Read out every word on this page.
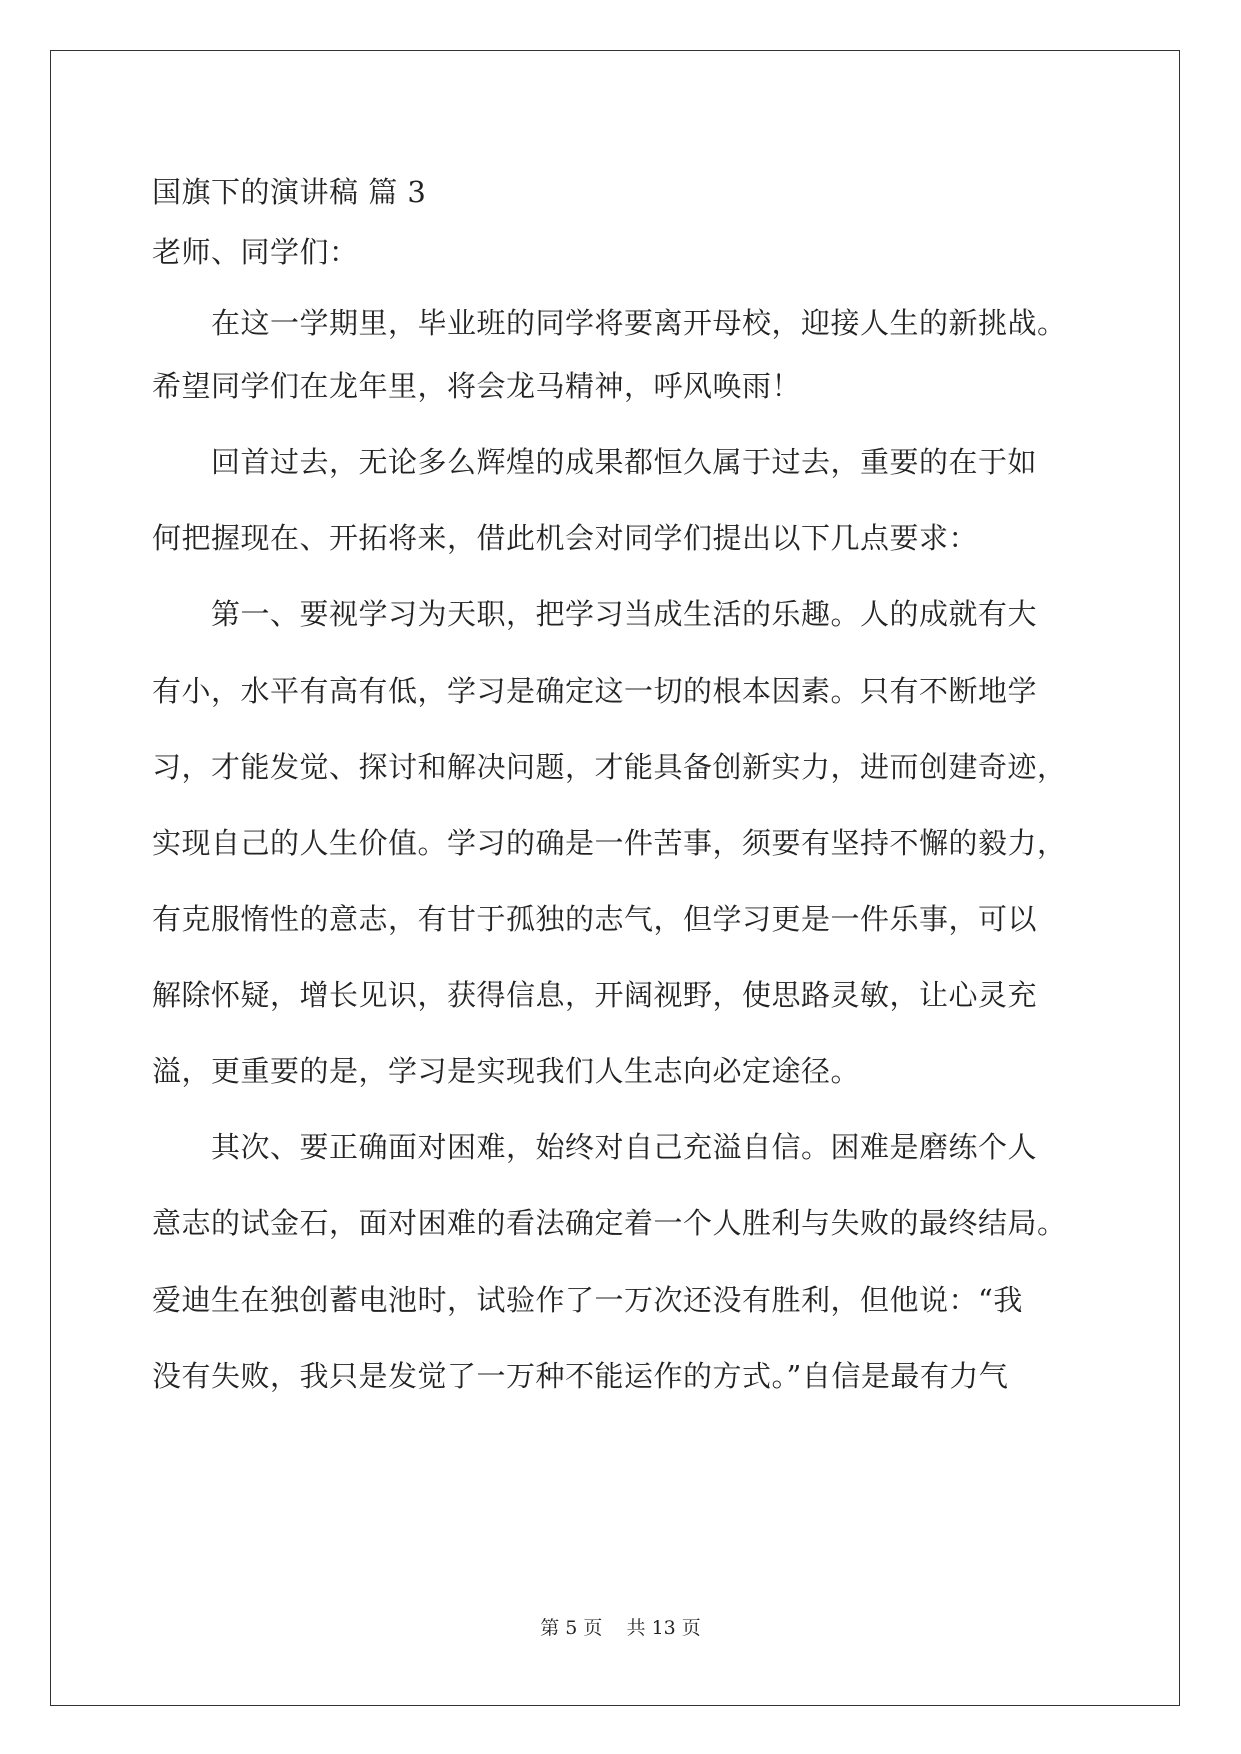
国旗下的演讲稿 篇 3
老师、同学们：
　　在这一学期里，毕业班的同学将要离开母校，迎接人生的新挑战。
希望同学们在龙年里，将会龙马精神，呼风唤雨！
　　回首过去，无论多么辉煌的成果都恒久属于过去，重要的在于如
何把握现在、开拓将来，借此机会对同学们提出以下几点要求：
　　第一、要视学习为天职，把学习当成生活的乐趣。人的成就有大
有小，水平有高有低，学习是确定这一切的根本因素。只有不断地学
习，才能发觉、探讨和解决问题，才能具备创新实力，进而创建奇迹，
实现自己的人生价值。学习的确是一件苦事，须要有坚持不懈的毅力，
有克服惰性的意志，有甘于孤独的志气，但学习更是一件乐事，可以
解除怀疑，增长见识，获得信息，开阔视野，使思路灵敏，让心灵充
溢，更重要的是，学习是实现我们人生志向必定途径。
　　其次、要正确面对困难，始终对自己充溢自信。困难是磨练个人
意志的试金石，面对困难的看法确定着一个人胜利与失败的最终结局。
爱迪生在独创蓄电池时，试验作了一万次还没有胜利，但他说：“我
没有失败，我只是发觉了一万种不能运作的方式。”自信是最有力气
第 5 页 共 13 页
